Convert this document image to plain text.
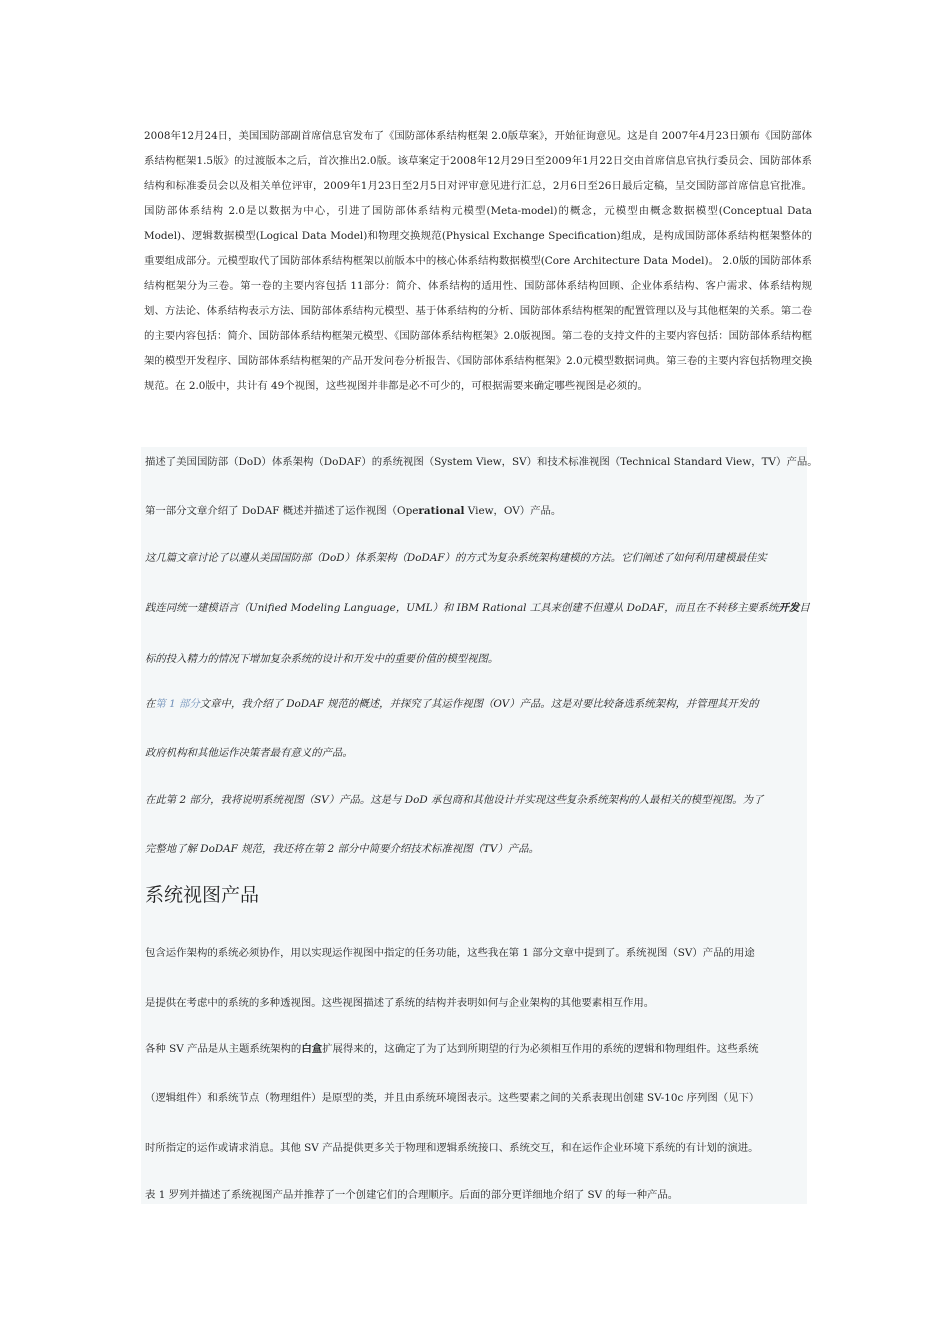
2008年12月24日，美国国防部副首席信息官发布了《国防部体系结构框架 2.0版草案》，开始征询意见。这是自 2007年4月23日颁布《国防部体系结构框架1.5版》的过渡版本之后，首次推出2.0版。该草案定于2008年12月29日至2009年1月22日交由首席信息官执行委员会、国防部体系结构和标准委员会以及相关单位评审，2009年1月23日至2月5日对评审意见进行汇总，2月6日至26日最后定稿，呈交国防部首席信息官批准。 国防部体系结构 2.0是以数据为中心，引进了国防部体系结构元模型(Meta-model)的概念，元模型由概念数据模型(Conceptual Data Model)、逻辑数据模型(Logical Data Model)和物理交换规范(Physical Exchange Specification)组成，是构成国防部体系结构框架整体的重要组成部分。元模型取代了国防部体系结构框架以前版本中的核心体系结构数据模型(Core Architecture Data Model)。 2.0版的国防部体系结构框架分为三卷。第一卷的主要内容包括 11部分：简介、体系结构的适用性、国防部体系结构回顾、企业体系结构、客户需求、体系结构规划、方法论、体系结构表示方法、国防部体系结构元模型、基于体系结构的分析、国防部体系结构框架的配置管理以及与其他框架的关系。第二卷的主要内容包括：简介、国防部体系结构框架元模型、《国防部体系结构框架》2.0版视图。第二卷的支持文件的主要内容包括：国防部体系结构框架的模型开发程序、国防部体系结构框架的产品开发问卷分析报告、《国防部体系结构框架》2.0元模型数据词典。第三卷的主要内容包括物理交换规范。在 2.0版中，共计有 49个视图，这些视图并非都是必不可少的，可根据需要来确定哪些视图是必须的。

描述了美国国防部（DoD）体系架构（DoDAF）的系统视图（System View，SV）和技术标准视图（Technical Standard View，TV）产品。

第一部分文章介绍了 DoDAF 概述并描述了运作视图（Operational View，OV）产品。

这几篇文章讨论了以遵从美国国防部（DoD）体系架构（DoDAF）的方式为复杂系统架构建模的方法。它们阐述了如何利用建模最佳实

践连同统一建模语言（Unified Modeling Language，UML）和 IBM Rational 工具来创建不但遵从 DoDAF，而且在不转移主要系统开发目

标的投入精力的情况下增加复杂系统的设计和开发中的重要价值的模型视图。

在第 1 部分文章中，我介绍了 DoDAF 规范的概述，并探究了其运作视图（OV）产品。这是对要比较备选系统架构，并管理其开发的

政府机构和其他运作决策者最有意义的产品。

在此第 2 部分，我将说明系统视图（SV）产品。这是与 DoD 承包商和其他设计并实现这些复杂系统架构的人最相关的模型视图。为了

完整地了解 DoDAF 规范，我还将在第 2 部分中简要介绍技术标准视图（TV）产品。

系统视图产品

包含运作架构的系统必须协作，用以实现运作视图中指定的任务功能，这些我在第 1 部分文章中提到了。系统视图（SV）产品的用途

是提供在考虑中的系统的多种透视图。这些视图描述了系统的结构并表明如何与企业架构的其他要素相互作用。

各种 SV 产品是从主题系统架构的白盒扩展得来的，这确定了为了达到所期望的行为必须相互作用的系统的逻辑和物理组件。这些系统

（逻辑组件）和系统节点（物理组件）是原型的类，并且由系统环境图表示。这些要素之间的关系表现出创建 SV-10c 序列图（见下）

时所指定的运作或请求消息。其他 SV 产品提供更多关于物理和逻辑系统接口、系统交互，和在运作企业环境下系统的有计划的演进。

表 1 罗列并描述了系统视图产品并推荐了一个创建它们的合理顺序。后面的部分更详细地介绍了 SV 的每一种产品。
